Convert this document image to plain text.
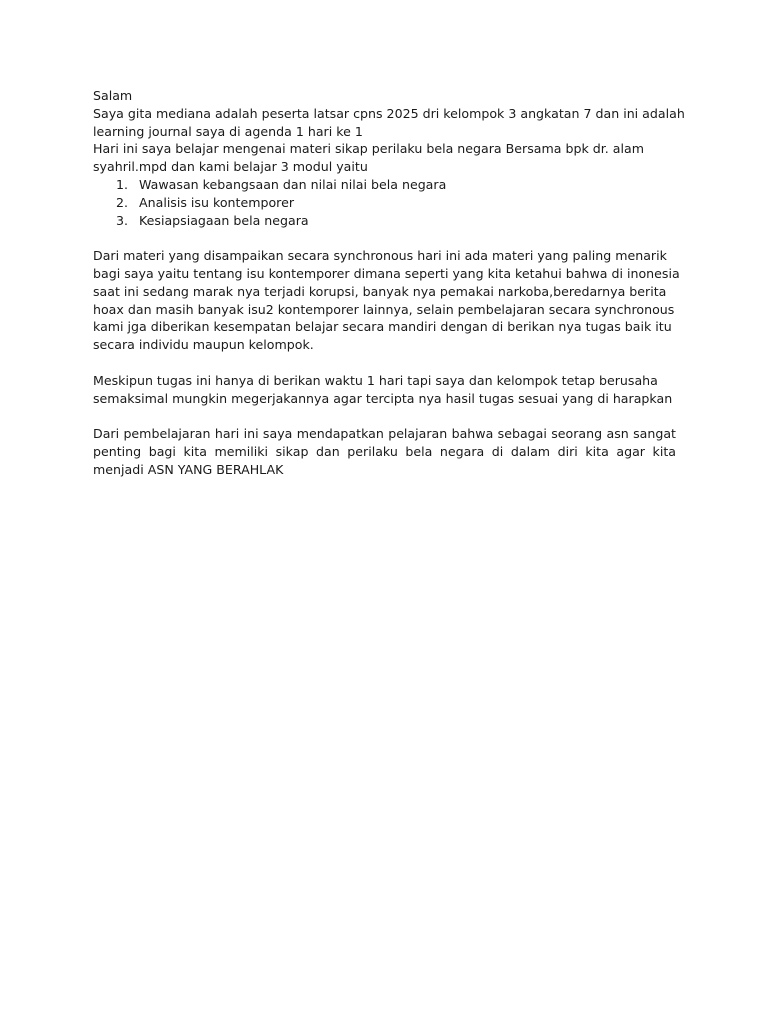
Salam

Saya gita mediana adalah peserta latsar cpns 2025 dri kelompok 3 angkatan 7 dan ini adalah

learning journal saya di agenda 1 hari ke 1

Hari ini saya belajar mengenai materi sikap perilaku bela negara Bersama bpk dr. alam

syahril.mpd dan kami belajar 3 modul yaitu

1. Wawasan kebangsaan dan nilai nilai bela negara
2. Analisis isu kontemporer
3. Kesiapsiagaan bela negara

Dari materi yang disampaikan secara synchronous hari ini ada materi yang paling menarik

bagi saya yaitu tentang isu kontemporer dimana seperti yang kita ketahui bahwa di inonesia

saat ini sedang marak nya terjadi korupsi, banyak nya pemakai narkoba,beredarnya berita

hoax dan masih banyak isu2 kontemporer lainnya, selain pembelajaran secara synchronous

kami jga diberikan kesempatan belajar secara mandiri dengan di berikan nya tugas baik itu

secara individu maupun kelompok.

Meskipun tugas ini hanya di berikan waktu 1 hari tapi saya dan kelompok tetap berusaha

semaksimal mungkin megerjakannya agar tercipta nya hasil tugas sesuai yang di harapkan

Dari pembelajaran hari ini saya mendapatkan pelajaran bahwa sebagai seorang asn sangat penting bagi kita memiliki sikap dan perilaku bela negara di dalam diri kita agar kita menjadi ASN YANG BERAHLAK
